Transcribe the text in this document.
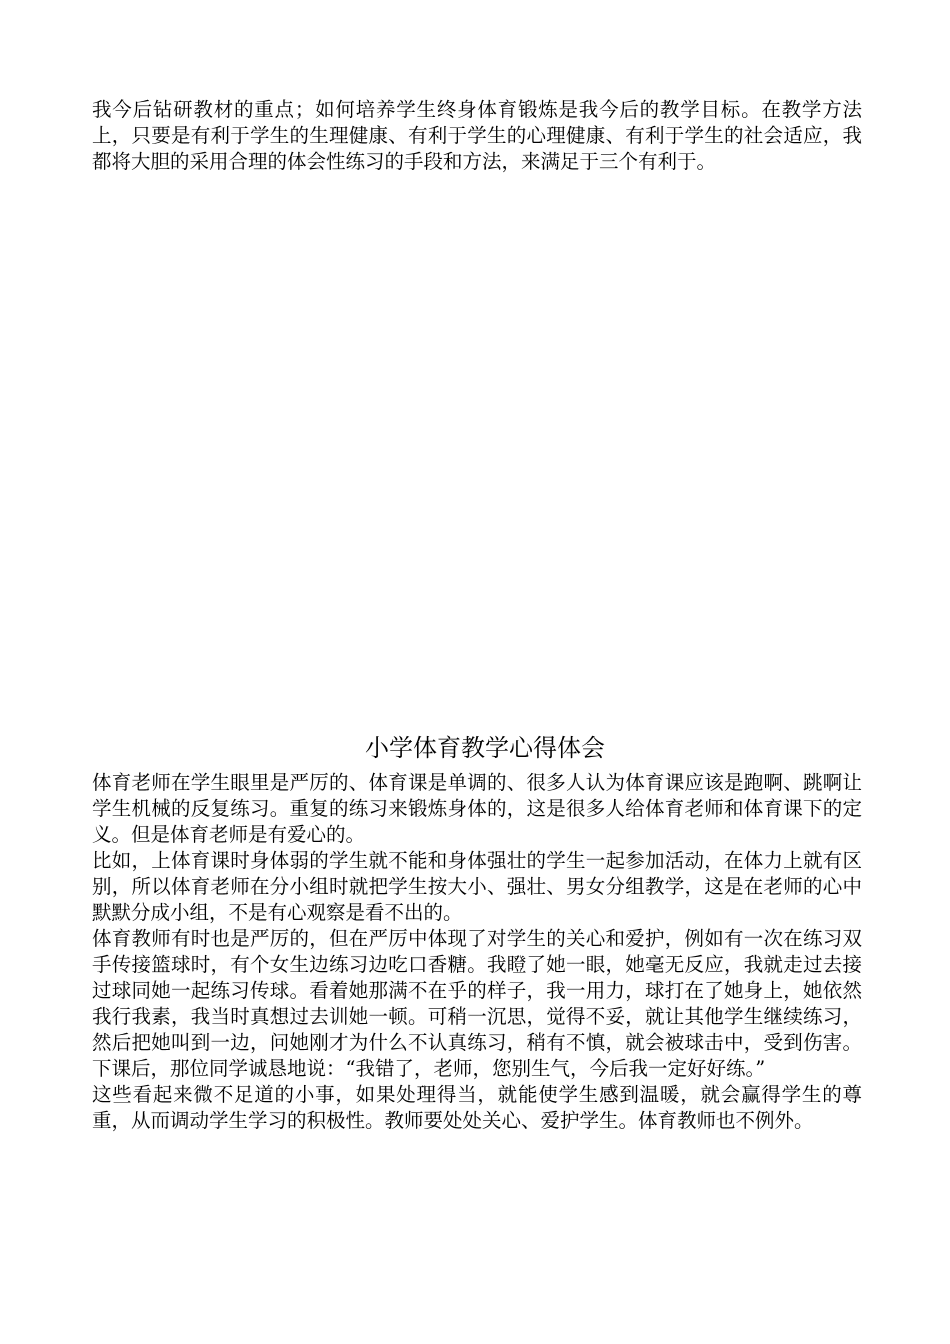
我今后钻研教材的重点；如何培养学生终身体育锻炼是我今后的教学目标。在教学方法上，只要是有利于学生的生理健康、有利于学生的心理健康、有利于学生的社会适应，我都将大胆的采用合理的体会性练习的手段和方法，来满足于三个有利于。

小学体育教学心得体会

体育老师在学生眼里是严厉的、体育课是单调的、很多人认为体育课应该是跑啊、跳啊让学生机械的反复练习。重复的练习来锻炼身体的，这是很多人给体育老师和体育课下的定义。但是体育老师是有爱心的。

比如，上体育课时身体弱的学生就不能和身体强壮的学生一起参加活动，在体力上就有区别，所以体育老师在分小组时就把学生按大小、强壮、男女分组教学，这是在老师的心中默默分成小组，不是有心观察是看不出的。

体育教师有时也是严厉的，但在严厉中体现了对学生的关心和爱护，例如有一次在练习双手传接篮球时，有个女生边练习边吃口香糖。我瞪了她一眼，她毫无反应，我就走过去接过球同她一起练习传球。看着她那满不在乎的样子，我一用力，球打在了她身上，她依然我行我素，我当时真想过去训她一顿。可稍一沉思，觉得不妥，就让其他学生继续练习，然后把她叫到一边，问她刚才为什么不认真练习，稍有不慎，就会被球击中，受到伤害。下课后，那位同学诚恳地说：“我错了，老师，您别生气，今后我一定好好练。”

这些看起来微不足道的小事，如果处理得当，就能使学生感到温暖，就会赢得学生的尊重，从而调动学生学习的积极性。教师要处处关心、爱护学生。体育教师也不例外。
